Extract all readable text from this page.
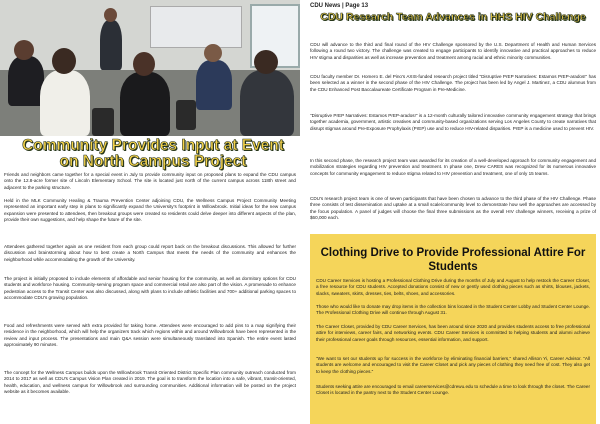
Community Provides Input at Event on North Campus Project

Friends and neighbors came together for a special event in July to provide community input on proposed plans to expand the CDU campus onto the 12.8-acre former site of Lincoln Elementary School. The site is located just north of the current campus across 118th street and adjacent to the parking structure.

Held in the MLK Community Healing & Trauma Prevention Center adjoining CDU, the Wellness Campus Project Community Meeting represented an important early step in plans to significantly expand the University's footprint in Willowbrook. Initial ideas for the new campus expansion were presented to attendees, then breakout groups were created so residents could delve deeper into different aspects of the plan, provide their own suggestions, and help shape the future of the site.

Attendees gathered together again as one resident from each group could report back on the breakout discussions. This allowed for further discussion and brainstorming about how to best create a North Campus that meets the needs of the community and enhances the neighborhood while accommodating the growth of the University.

The project is initially proposed to include elements of affordable and senior housing for the community, as well as dormitory options for CDU students and workforce housing. Community-serving program space and commercial retail are also part of the vision. A promenade to enhance pedestrian access to the Transit Center was also discussed, along with plans to include athletic facilities and 700+ additional parking spaces to accommodate CDU's growing population.

Food and refreshments were served with extra provided for taking home. Attendees were encouraged to add pins to a map signifying their residence in the neighborhood, which will help the organizers track which regions within and around Willowbrook have been represented in the review and input process. The presentations and main Q&A session were simultaneously translated into Spanish. The entire event lasted approximately 90 minutes.

The concept for the Wellness Campus builds upon the Willowbrook Transit Oriented District Specific Plan community outreach conducted from 2014 to 2017 as well as CDU's Campus Vision Plan created in 2019. The goal is to transform the location into a safe, vibrant, transit-oriented, health, education, and wellness campus for Willowbrook and surrounding communities. Additional information will be posted on the project website as it becomes available.

CDU News | Page 13
CDU Research Team Advances in HHS HIV Challenge

CDU will advance to the third and final round of the HIV Challenge sponsored by the U.S. Department of Health and Human Services following a round two victory. The challenge was created to engage participants to identify innovative and practical approaches to reduce HIV stigma and disparities as well as increase prevention and treatment among racial and ethnic minority communities.

CDU faculty member Dr. Homero E. del Pino's AXIS-funded research project titled "Disruptive PrEP Narratives: Estamos PrEP-arados!" has been selected as a winner in the second phase of the HIV Challenge. The project has been led by Angel J. Martinez, a CDU alumnus from the CDU Enhanced Post Baccalaureate Certificate Program in Pre-Medicine.

"Disruptive PrEP Narratives: Estamos PrEP-arados!" is a 12-month culturally tailored innovative community engagement strategy that brings together academia, government, artistic creatives and community-based organizations serving Los Angeles County to create narratives that disrupt stigmas around Pre-Exposure Prophylaxis (PrEP) use and to reduce HIV-related disparities. PrEP is a medicine used to prevent HIV.

In this second phase, the research project team was awarded for its creation of a well-developed approach for community engagement and mobilization strategies regarding HIV prevention and treatment. In phase one, Drew CARES was recognized for its numerous innovative concepts for community engagement to reduce stigma related to HIV prevention and treatment, one of only 15 teams.

CDU's research project team is one of seven participants that have been chosen to advance to the third phase of the HIV Challenge. Phase three consists of test dissemination and uptake at a small scale/community level to demonstrate how well the approaches are accessed by the focus population. A panel of judges will choose the final three submissions as the overall HIV challenge winners, receiving a prize of $60,000 each.

Clothing Drive to Provide Professional Attire For Students

CDU Career Services is hosting a Professional Clothing Drive during the months of July and August to help restock the Career Closet, a free resource for CDU students. Accepted donations consist of new or gently used clothing pieces such as shirts, blouses, jackets, slacks, sweaters, skirts, dresses, ties, belts, shoes, and accessories.

Those who would like to donate may drop items in the collection bins located in the Student Center Lobby and Student Center Lounge. The Professional Clothing Drive will continue through August 31.

The Career Closet, provided by CDU Career Services, has been around since 2020 and provides students access to free professional attire for interviews, career fairs, and networking events. CDU Career Services is committed to helping students and alumni achieve their professional career goals through resources, essential information, and support.

"We want to set our students up for success in the workforce by eliminating financial barriers," shared Allison Yi, Career Advisor. "All students are welcome and encouraged to visit the Career Closet and pick any pieces of clothing they need free of cost. They also get to keep the clothing pieces."

Students seeking attire are encouraged to email careerservices@cdrewu.edu to schedule a time to look through the closet. The Career Closet is located in the pantry next to the Student Center Lounge.
